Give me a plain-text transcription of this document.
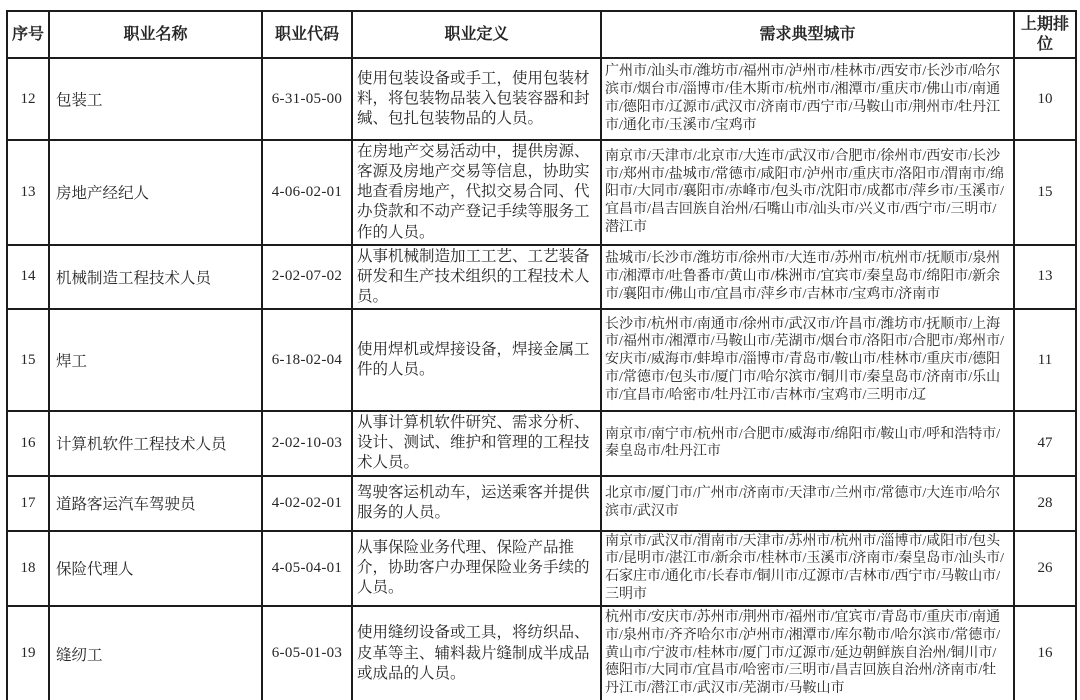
序号	职业名称	职业代码	职业定义	需求典型城市	上期排位
12	包装工	6-31-05-00	使用包装设备或手工，使用包装材料，将包装物品装入包装容器和封缄、包扎包装物品的人员。	广州市/汕头市/潍坊市/福州市/泸州市/桂林市/西安市/长沙市/哈尔滨市/烟台市/淄博市/佳木斯市/杭州市/湘潭市/重庆市/佛山市/南通市/德阳市/辽源市/武汉市/济南市/西宁市/马鞍山市/荆州市/牡丹江市/通化市/玉溪市/宝鸡市	10
13	房地产经纪人	4-06-02-01	在房地产交易活动中，提供房源、客源及房地产交易等信息，协助实地查看房地产，代拟交易合同、代办贷款和不动产登记手续等服务工作的人员。	南京市/天津市/北京市/大连市/武汉市/合肥市/徐州市/西安市/长沙市/郑州市/盐城市/常德市/咸阳市/泸州市/重庆市/洛阳市/渭南市/绵阳市/大同市/襄阳市/赤峰市/包头市/沈阳市/成都市/萍乡市/玉溪市/宜昌市/昌吉回族自治州/石嘴山市/汕头市/兴义市/西宁市/三明市/潜江市	15
14	机械制造工程技术人员	2-02-07-02	从事机械制造加工工艺、工艺装备研发和生产技术组织的工程技术人员。	盐城市/长沙市/潍坊市/徐州市/大连市/苏州市/杭州市/抚顺市/泉州市/湘潭市/吐鲁番市/黄山市/株洲市/宜宾市/秦皇岛市/绵阳市/新余市/襄阳市/佛山市/宜昌市/萍乡市/吉林市/宝鸡市/济南市	13
15	焊工	6-18-02-04	使用焊机或焊接设备，焊接金属工件的人员。	长沙市/杭州市/南通市/徐州市/武汉市/许昌市/潍坊市/抚顺市/上海市/福州市/湘潭市/马鞍山市/芜湖市/烟台市/洛阳市/合肥市/郑州市/安庆市/威海市/蚌埠市/淄博市/青岛市/鞍山市/桂林市/重庆市/德阳市/常德市/包头市/厦门市/哈尔滨市/铜川市/秦皇岛市/济南市/乐山市/宜昌市/哈密市/牡丹江市/吉林市/宝鸡市/三明市/辽	11
16	计算机软件工程技术人员	2-02-10-03	从事计算机软件研究、需求分析、设计、测试、维护和管理的工程技术人员。	南京市/南宁市/杭州市/合肥市/威海市/绵阳市/鞍山市/呼和浩特市/秦皇岛市/牡丹江市	47
17	道路客运汽车驾驶员	4-02-02-01	驾驶客运机动车，运送乘客并提供服务的人员。	北京市/厦门市/广州市/济南市/天津市/兰州市/常德市/大连市/哈尔滨市/武汉市	28
18	保险代理人	4-05-04-01	从事保险业务代理、保险产品推介，协助客户办理保险业务手续的人员。	南京市/武汉市/渭南市/天津市/苏州市/杭州市/淄博市/咸阳市/包头市/昆明市/湛江市/新余市/桂林市/玉溪市/济南市/秦皇岛市/汕头市/石家庄市/通化市/长春市/铜川市/辽源市/吉林市/西宁市/马鞍山市/三明市	26
19	缝纫工	6-05-01-03	使用缝纫设备或工具，将纺织品、皮革等主、辅料裁片缝制成半成品或成品的人员。	杭州市/安庆市/苏州市/荆州市/福州市/宜宾市/青岛市/重庆市/南通市/泉州市/齐齐哈尔市/泸州市/湘潭市/库尔勒市/哈尔滨市/常德市/黄山市/宁波市/桂林市/厦门市/辽源市/延边朝鲜族自治州/铜川市/德阳市/大同市/宜昌市/哈密市/三明市/昌吉回族自治州/济南市/牡丹江市/潜江市/武汉市/芜湖市/马鞍山市	16
